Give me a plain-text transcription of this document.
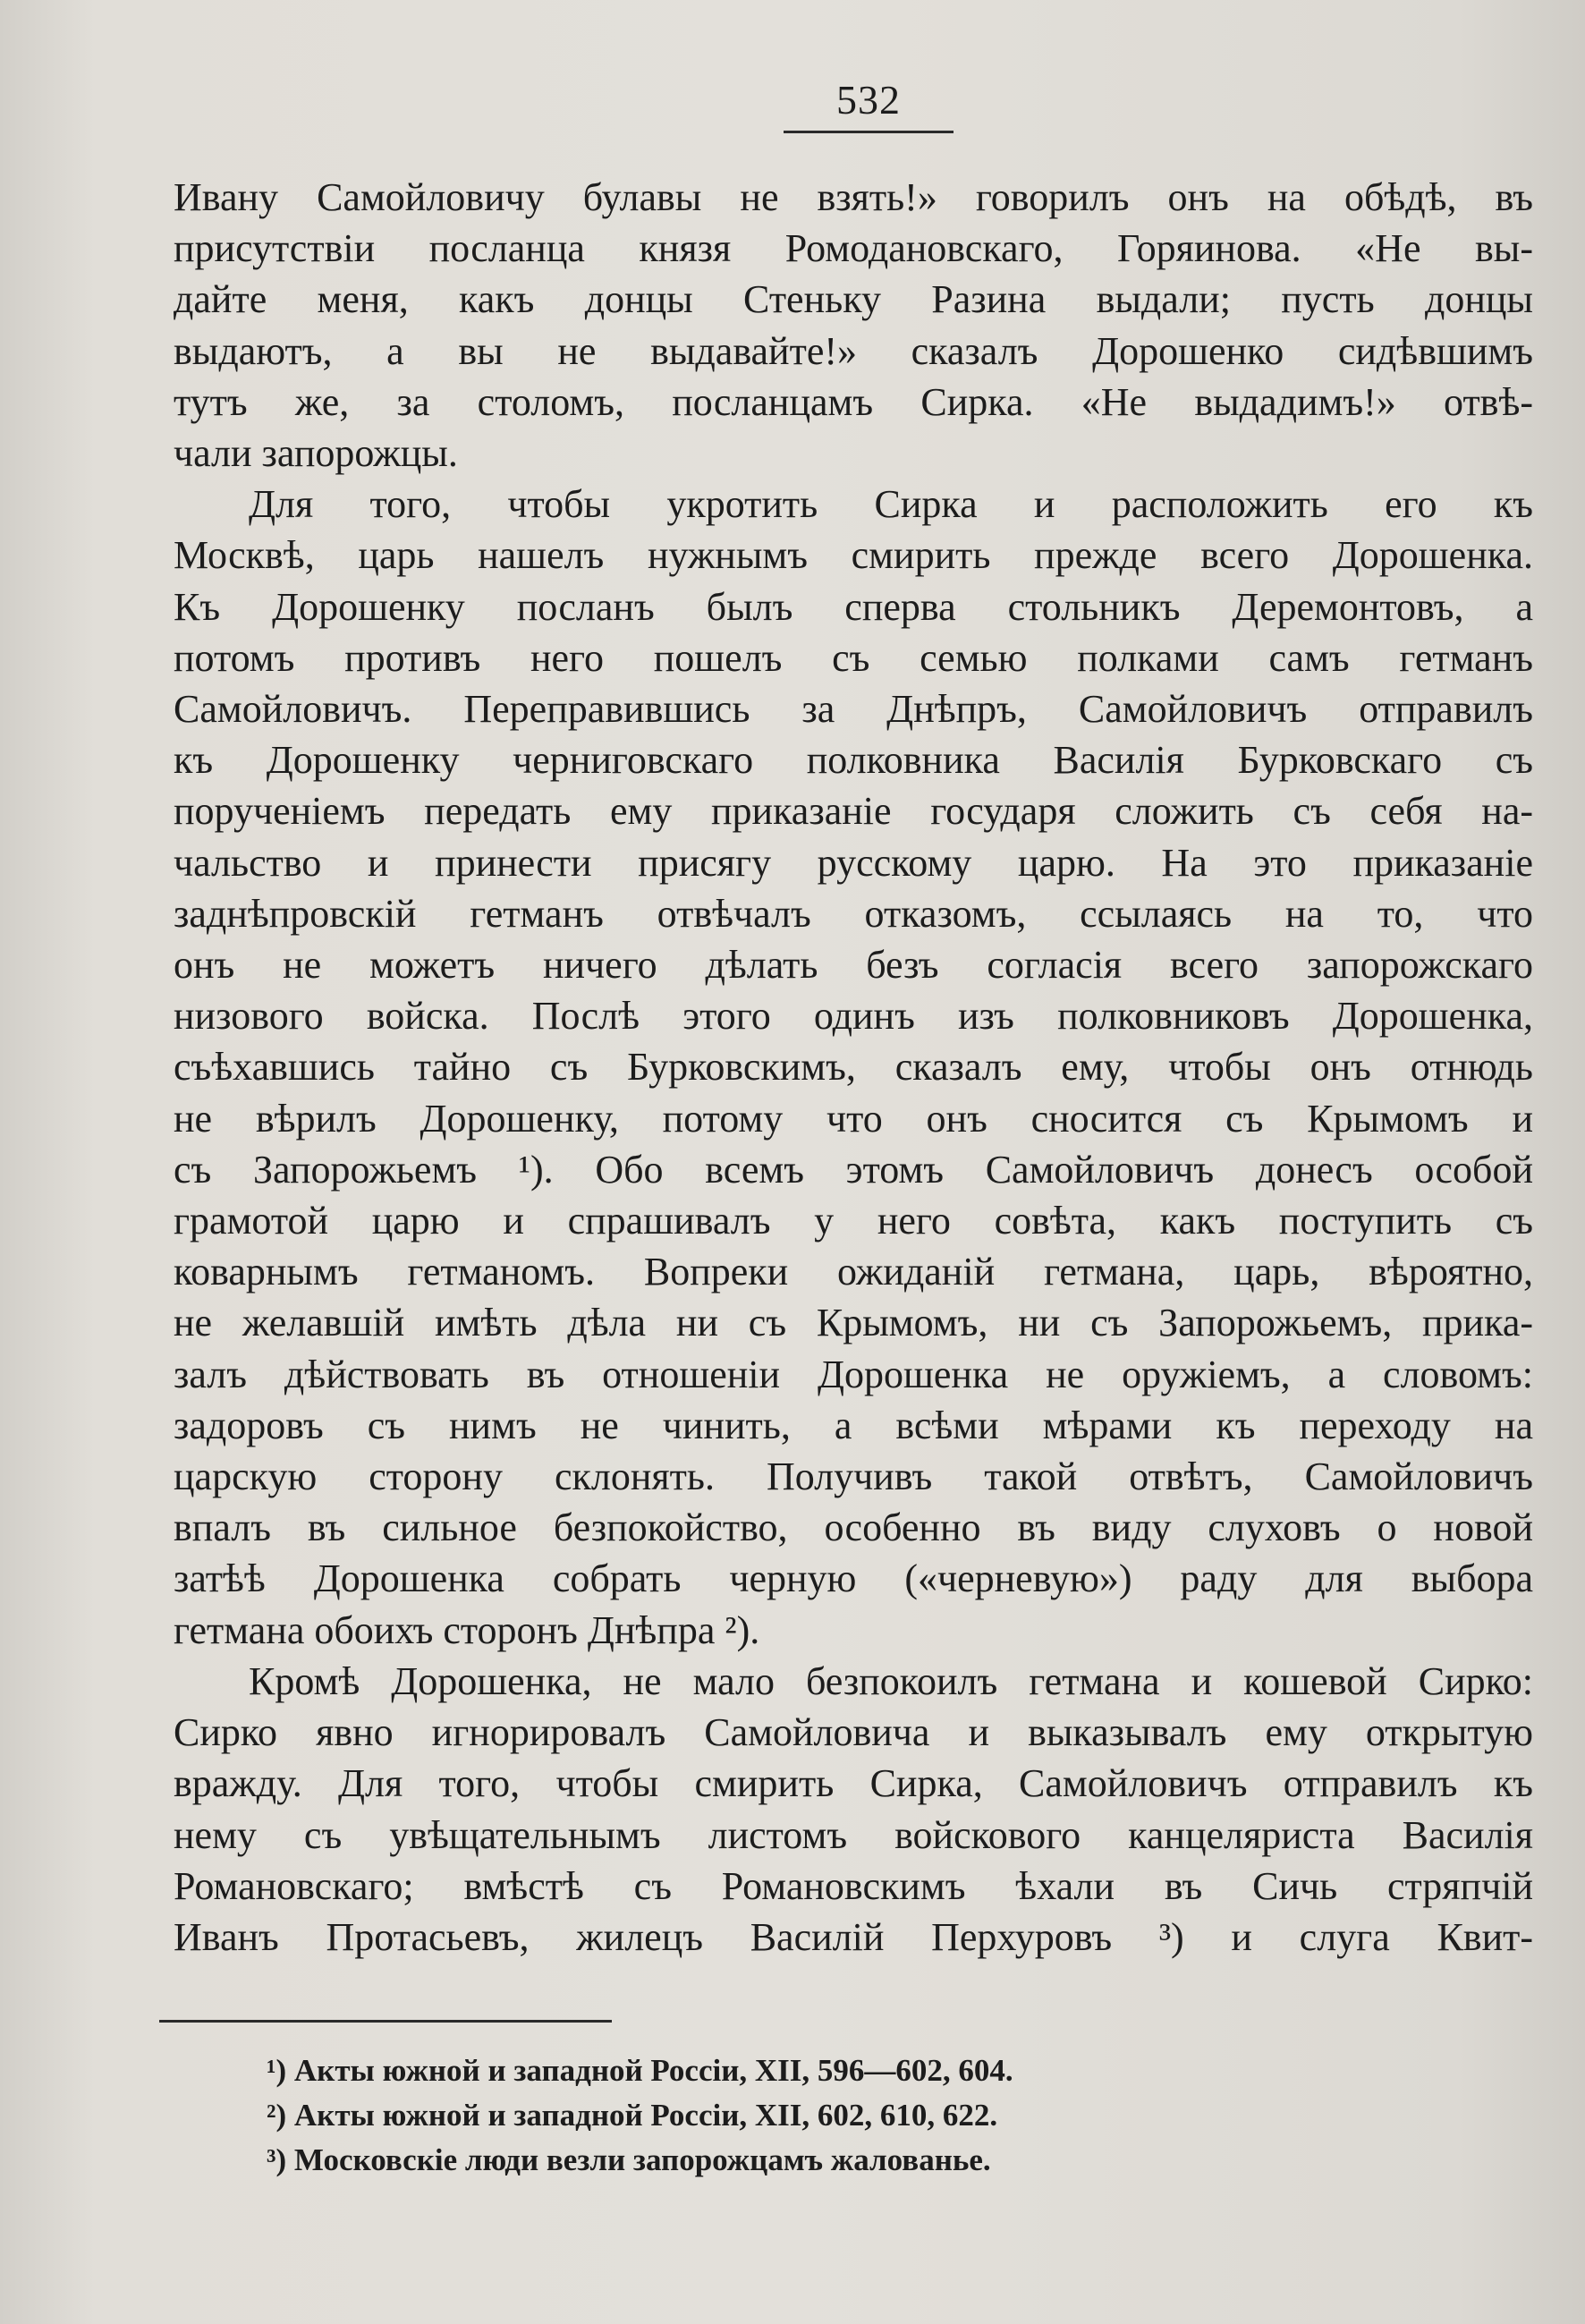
532

Ивану Самойловичу булавы не взять!» говорилъ онъ на обѣдѣ, въ
присутствіи посланца князя Ромодановскаго, Горяинова. «Не вы-
дайте меня, какъ донцы Стеньку Разина выдали; пусть донцы
выдаютъ, а вы не выдавайте!» сказалъ Дорошенко сидѣвшимъ
тутъ же, за столомъ, посланцамъ Сирка. «Не выдадимъ!» отвѣ-
чали запорожцы.
Для того, чтобы укротить Сирка и расположить его къ
Москвѣ, царь нашелъ нужнымъ смирить прежде всего Дорошенка.
Къ Дорошенку посланъ былъ сперва стольникъ Деремонтовъ, а
потомъ противъ него пошелъ съ семью полками самъ гетманъ
Самойловичъ. Переправившись за Днѣпръ, Самойловичъ отправилъ
къ Дорошенку черниговскаго полковника Василія Бурковскаго съ
порученіемъ передать ему приказаніе государя сложить съ себя на-
чальство и принести присягу русскому царю. На это приказаніе
заднѣпровскій гетманъ отвѣчалъ отказомъ, ссылаясь на то, что
онъ не можетъ ничего дѣлать безъ согласія всего запорожскаго
низового войска. Послѣ этого одинъ изъ полковниковъ Дорошенка,
съѣхавшись тайно съ Бурковскимъ, сказалъ ему, чтобы онъ отнюдь
не вѣрилъ Дорошенку, потому что онъ сносится съ Крымомъ и
съ Запорожьемъ ¹). Обо всемъ этомъ Самойловичъ донесъ особой
грамотой царю и спрашивалъ у него совѣта, какъ поступить съ
коварнымъ гетманомъ. Вопреки ожиданій гетмана, царь, вѣроятно,
не желавшій имѣть дѣла ни съ Крымомъ, ни съ Запорожьемъ, прика-
залъ дѣйствовать въ отношеніи Дорошенка не оружіемъ, а словомъ:
задоровъ съ нимъ не чинить, а всѣми мѣрами къ переходу на
царскую сторону склонять. Получивъ такой отвѣтъ, Самойловичъ
впалъ въ сильное безпокойство, особенно въ виду слуховъ о новой
затѣѣ Дорошенка собрать черную («черневую») раду для выбора
гетмана обоихъ сторонъ Днѣпра ²).
Кромѣ Дорошенка, не мало безпокоилъ гетмана и кошевой Сирко:
Сирко явно игнорировалъ Самойловича и выказывалъ ему открытую
вражду. Для того, чтобы смирить Сирка, Самойловичъ отправилъ къ
нему съ увѣщательнымъ листомъ войскового канцеляриста Василія
Романовскаго; вмѣстѣ съ Романовскимъ ѣхали въ Сичь стряпчій
Иванъ Протасьевъ, жилецъ Василій Перхуровъ ³) и слуга Квит-
¹) Акты южной и западной Россіи, XII, 596—602, 604.
²) Акты южной и западной Россіи, XII, 602, 610, 622.
³) Московскіе люди везли запорожцамъ жалованье.
